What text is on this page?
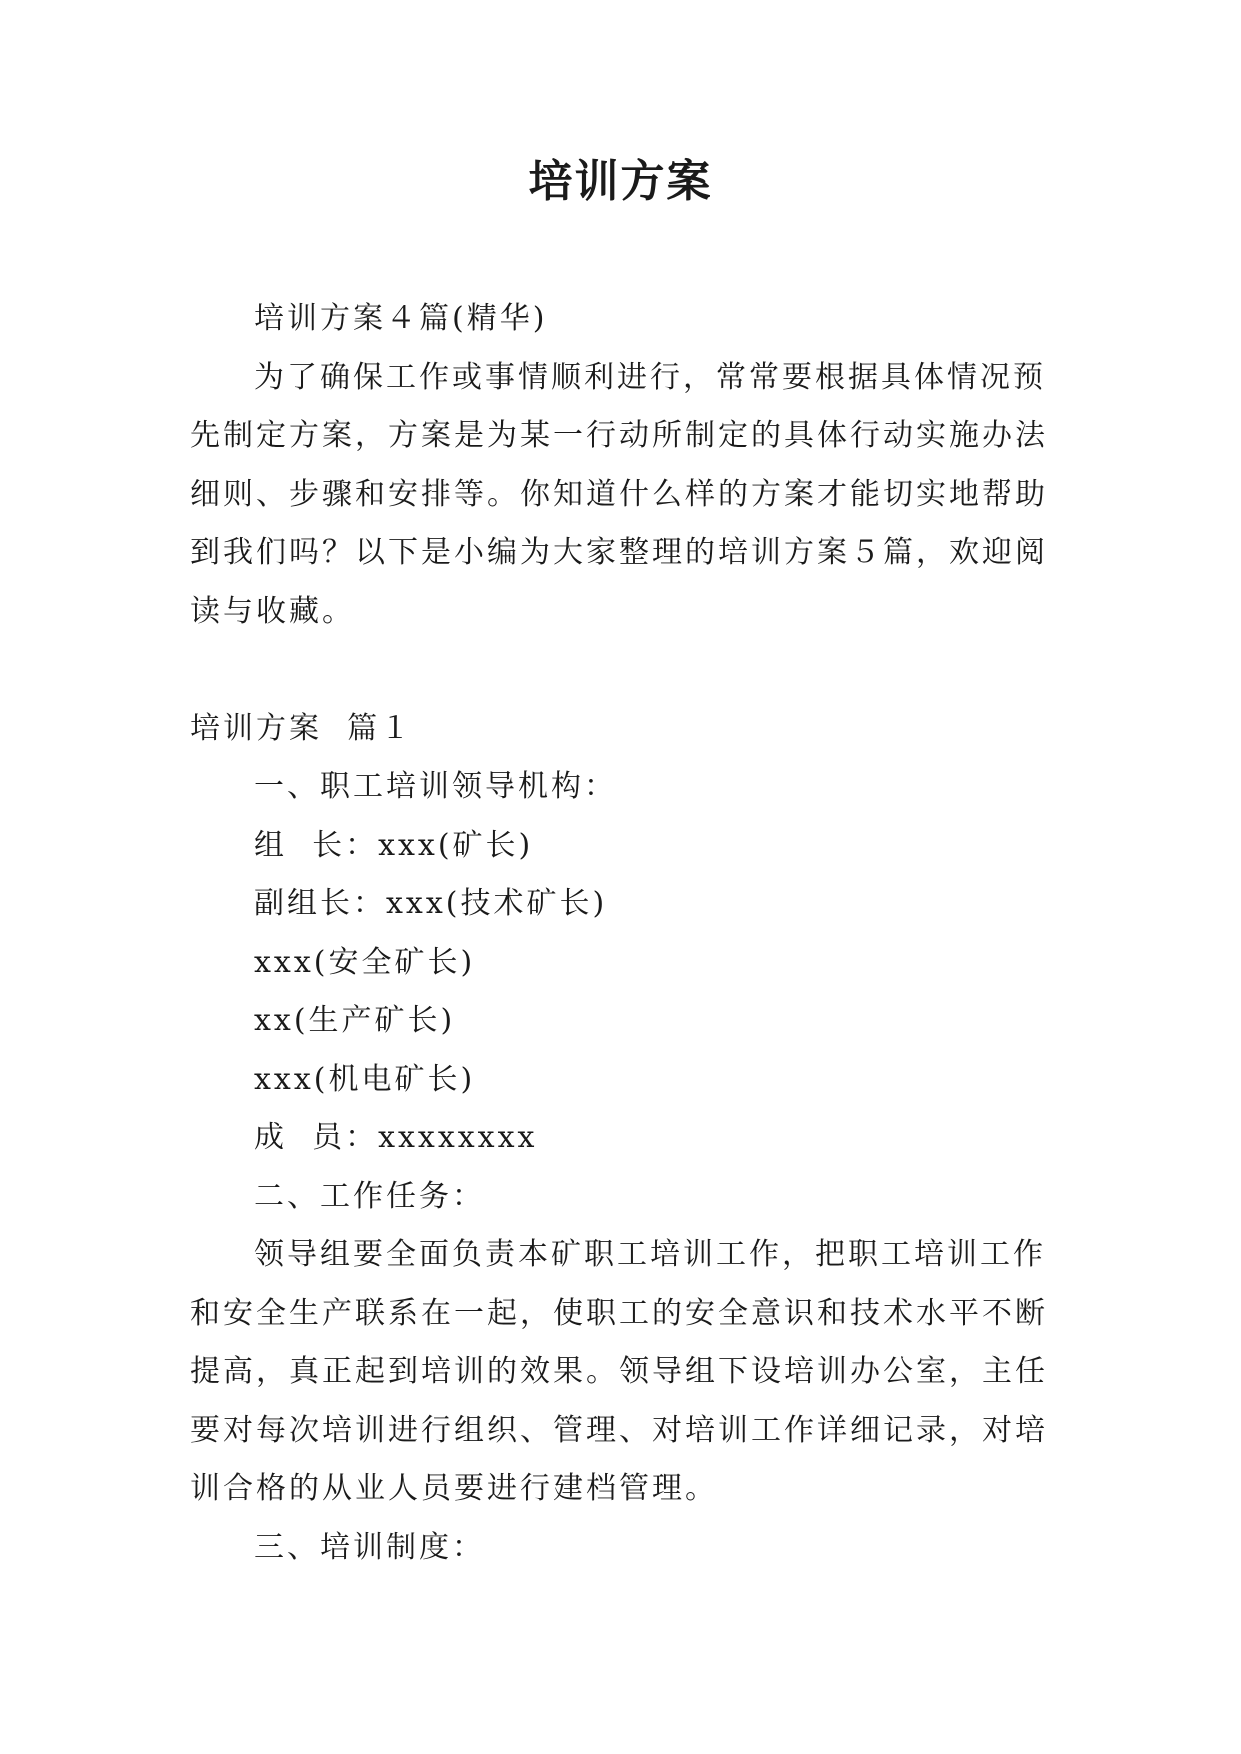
培训方案

培训方案４篇(精华)

为了确保工作或事情顺利进行，常常要根据具体情况预先制定方案，方案是为某一行动所制定的具体行动实施办法细则、步骤和安排等。你知道什么样的方案才能切实地帮助到我们吗？以下是小编为大家整理的培训方案５篇，欢迎阅读与收藏。

培训方案  篇１

一、职工培训领导机构：

组  长：xxx(矿长)

副组长：xxx(技术矿长)

xxx(安全矿长)

xx(生产矿长)

xxx(机电矿长)

成  员：xxxxxxxx

二、工作任务：

领导组要全面负责本矿职工培训工作，把职工培训工作和安全生产联系在一起，使职工的安全意识和技术水平不断提高，真正起到培训的效果。领导组下设培训办公室，主任要对每次培训进行组织、管理、对培训工作详细记录，对培训合格的从业人员要进行建档管理。

三、培训制度：
